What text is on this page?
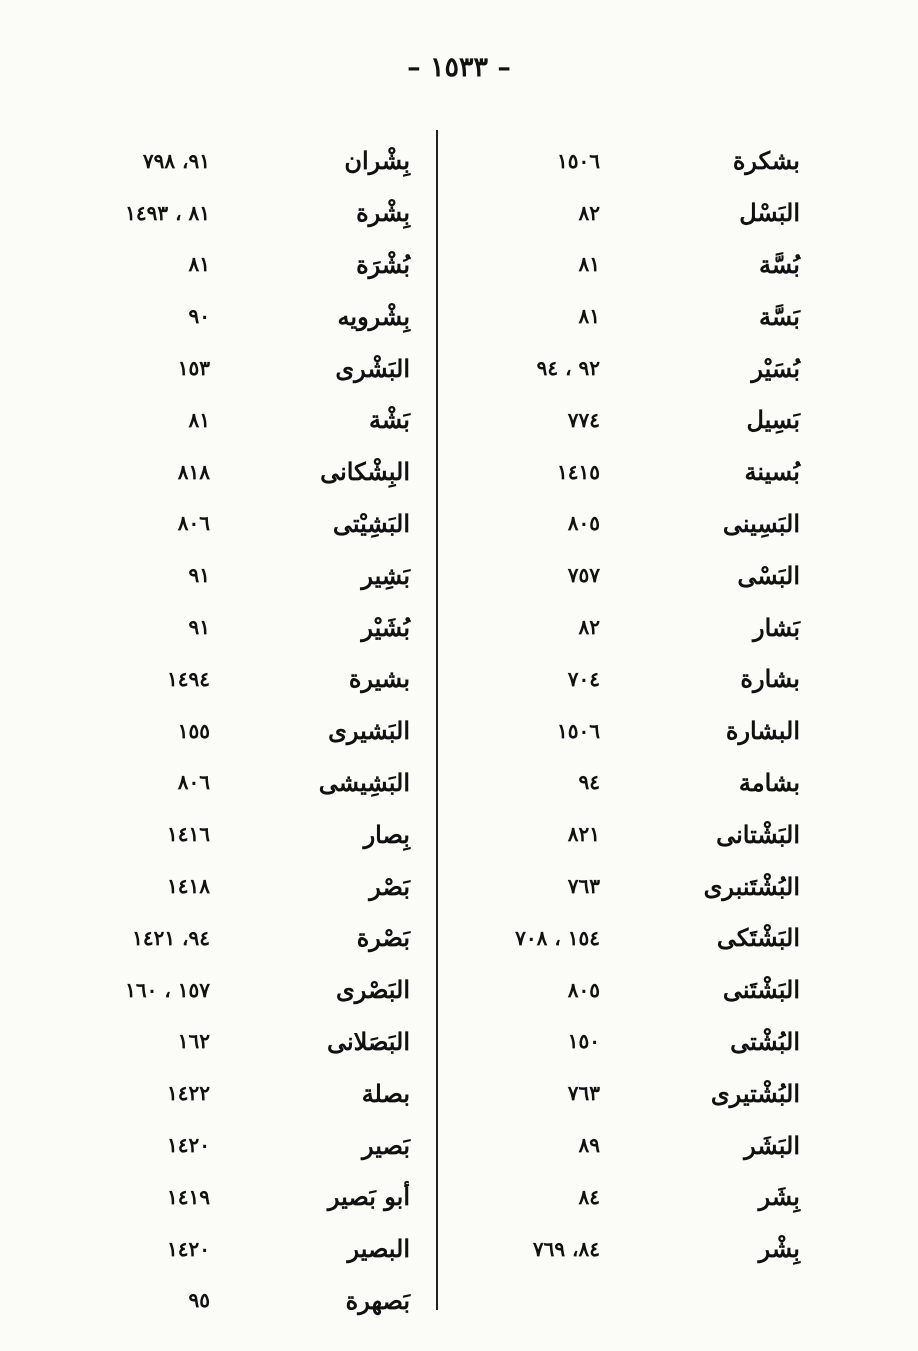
– ١٥٣٣ –
بشكرة
١٥٠٦
البَسْل
٨٢
بُسَّة
٨١
بَسَّة
٨١
بُسَيْر
٩٢ ، ٩٤
بَسِيل
٧٧٤
بُسينة
١٤١٥
البَسِينى
٨٠٥
البَسْى
٧٥٧
بَشار
٨٢
بشارة
٧٠٤
البشارة
١٥٠٦
بشامة
٩٤
البَشْتانى
٨٢١
البُشْتَنبرى
٧٦٣
البَشْتَكى
١٥٤ ، ٧٠٨
البَشْتَنى
٨٠٥
البُشْتى
١٥٠
البُشْتيرى
٧٦٣
البَشَر
٨٩
بِشَر
٨٤
بِشْر
٨٤، ٧٦٩
بِشْران
٩١، ٧٩٨
بِشْرة
٨١ ، ١٤٩٣
بُشْرَة
٨١
بِشْرويه
٩٠
البَشْرى
١٥٣
بَشْة
٨١
البِشْكانى
٨١٨
البَشِيْتى
٨٠٦
بَشِير
٩١
بُشَيْر
٩١
بشيرة
١٤٩٤
البَشيرى
١٥٥
البَشِيشى
٨٠٦
بِصار
١٤١٦
بَصْر
١٤١٨
بَصْرة
٩٤، ١٤٢١
البَصْرى
١٥٧ ، ١٦٠
البَصَلانى
١٦٢
بصلة
١٤٢٢
بَصير
١٤٢٠
أبو بَصير
١٤١٩
البصير
١٤٢٠
بَصهرة
٩٥
